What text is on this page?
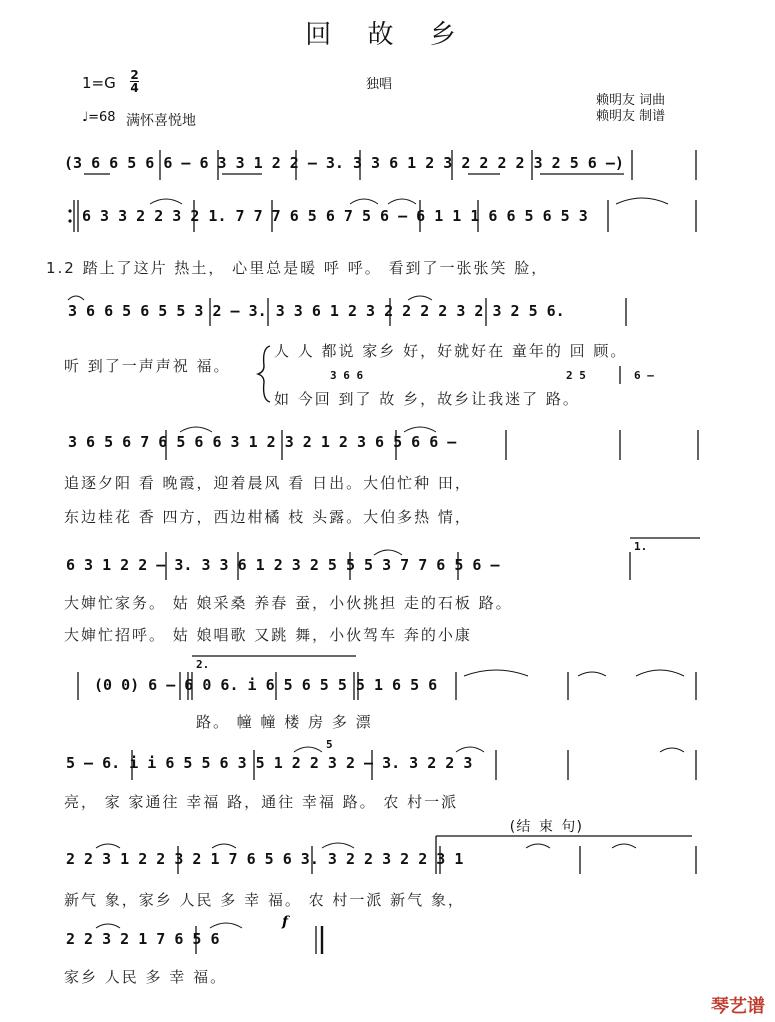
回 故 乡
1=G 2
4
♩=68 满怀喜悦地
独唱
赖明友 词曲
赖明友 制谱
(3 6 6 5 6 6 – 6 3 3 1 2 2 – 3. 3 3 6 1 2 3 2 2 2 2 3 2 5 6 –)
6 3 3 2 2 3 2 1. 7 7 7 6 5 6 7 5 6 – 6 1 1 1 6 6 5 6 5 3
1.2 踏上了这片 热土， 心里总是暖 呼 呼。 看到了一张张笑 脸，
3 6 6 5 6 5 5 3 2 – 3. 3 3 6 1 2 3 2 2 2 2 3 2 3 2 5 6.
听 到了一声声祝 福。
人 人 都说 家乡 好，好就好在 童年的 回 顾。
如 今回 到了 故 乡，故乡让我迷了 路。
3 6 6	2 5	6 –
3 6 5 6 7 6 5 6 6 3 1 2 3 2 1 2 3 6 5 6 6 –
追逐夕阳 看 晚霞，迎着晨风 看 日出。大伯忙种 田，
东边桂花 香 四方，西边柑橘 枝 头露。大伯多热 情，
6 3 1 2 2 – 3. 3 3 6 1 2 3 2 5 5 5 3 7 7 6 5 6 –
1.
大婶忙家务。 姑 娘采桑 养春 蚕，小伙挑担 走的石板 路。
大婶忙招呼。 姑 娘唱歌 又跳 舞，小伙驾车 奔的小康
(0 0) 6 – 6 0 6. i 6 5 6 5 5 5 1 6 5 6
2.
路。 幢 幢 楼 房 多 漂
5 – 6. i i 6 5 5 6 3 5 1 2 2 3 2 – 3. 3 2 2 3
5
亮， 家 家通往 幸福 路，通往 幸福 路。 农 村一派
(结 束 句)
2 2 3 1 2 2 3 2 1 7 6 5 6 3. 3 2 2 3 2 2 3 1
新气 象，家乡 人民 多 幸 福。 农 村一派 新气 象，
2 2 3 2 1 7 6 5 6
f
家乡 人民 多 幸 福。
琴艺谱
